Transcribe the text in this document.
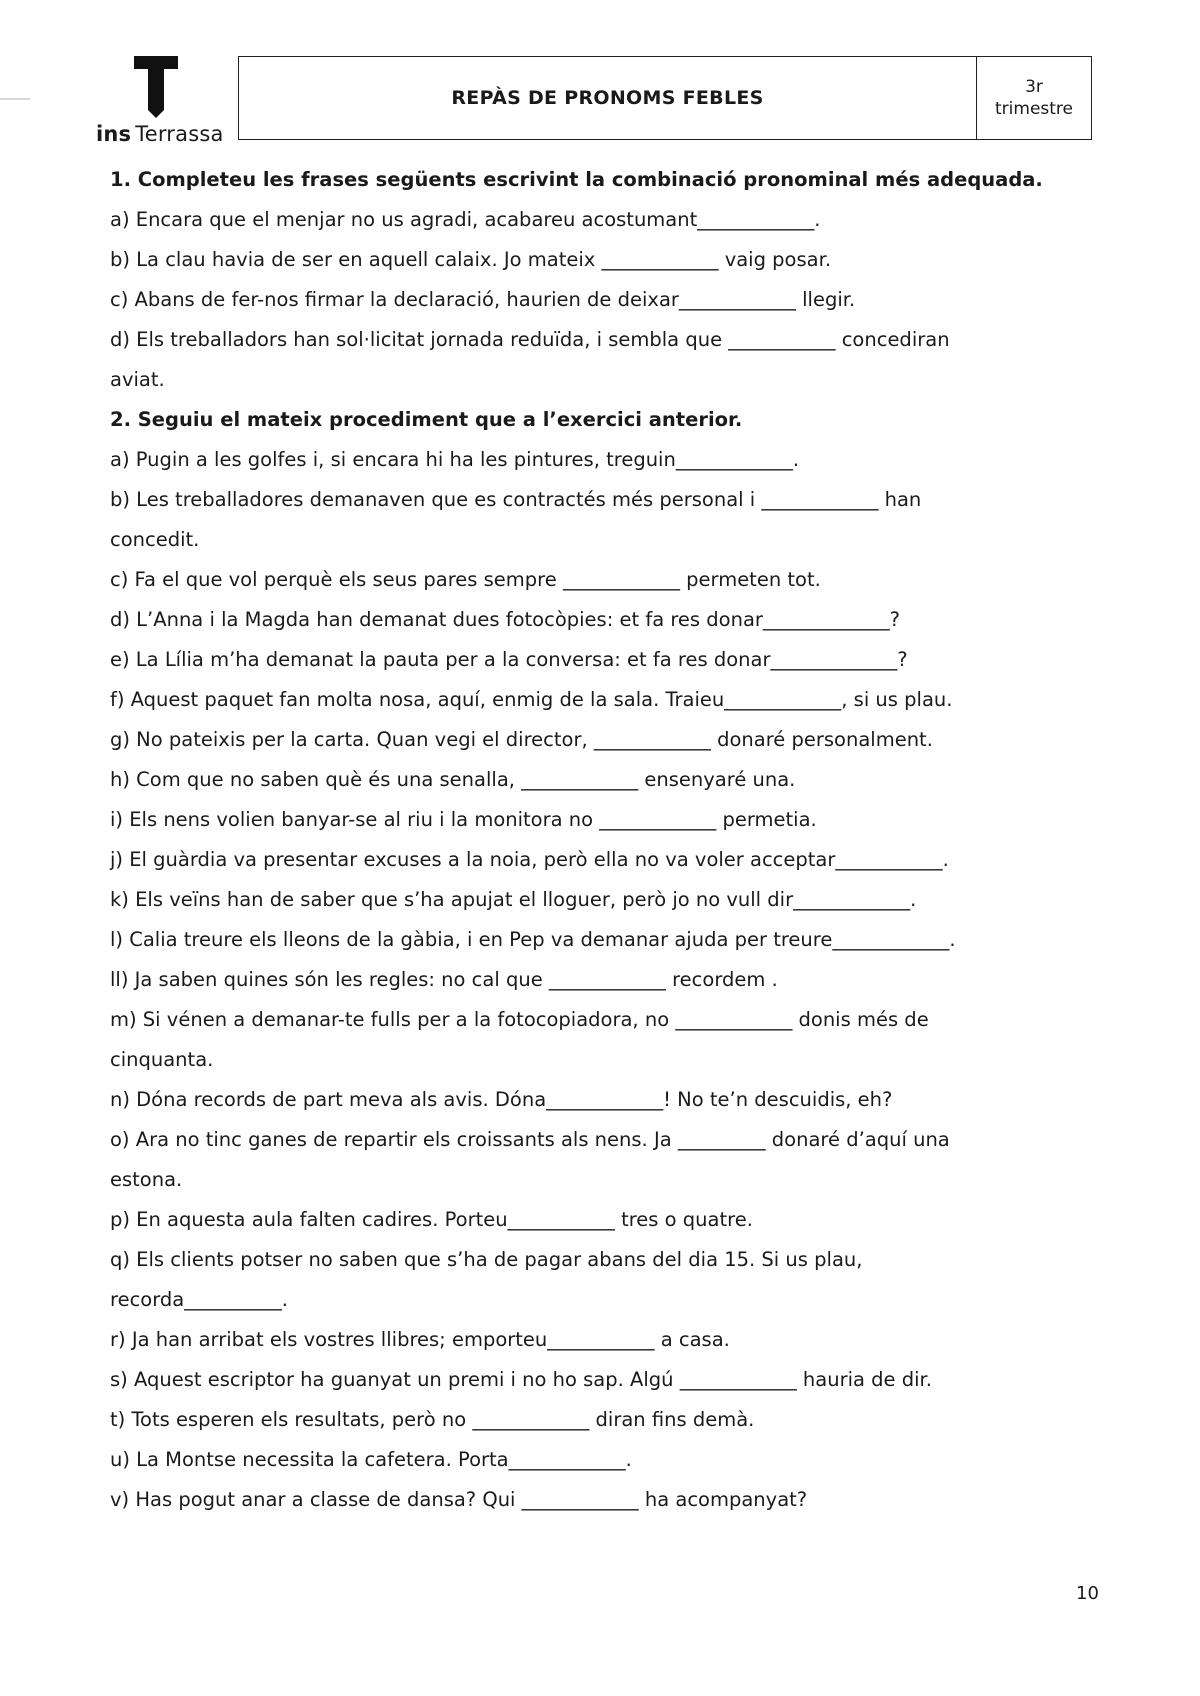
ins Terrassa
REPÀS DE PRONOMS FEBLES	3r
trimestre
1. Completeu les frases següents escrivint la combinació pronominal més adequada.
a) Encara que el menjar no us agradi, acabareu acostumant____________.
b) La clau havia de ser en aquell calaix. Jo mateix ____________ vaig posar.
c) Abans de fer-nos firmar la declaració, haurien de deixar____________ llegir.
d) Els treballadors han sol·licitat jornada reduïda, i sembla que ___________ concediran
aviat.
2. Seguiu el mateix procediment que a l’exercici anterior.
a) Pugin a les golfes i, si encara hi ha les pintures, treguin____________.
b) Les treballadores demanaven que es contractés més personal i ____________ han
concedit.
c) Fa el que vol perquè els seus pares sempre ____________ permeten tot.
d) L’Anna i la Magda han demanat dues fotocòpies: et fa res donar_____________?
e) La Lília m’ha demanat la pauta per a la conversa: et fa res donar_____________?
f) Aquest paquet fan molta nosa, aquí, enmig de la sala. Traieu____________, si us plau.
g) No pateixis per la carta. Quan vegi el director, ____________ donaré personalment.
h) Com que no saben què és una senalla, ____________ ensenyaré una.
i) Els nens volien banyar-se al riu i la monitora no ____________ permetia.
j) El guàrdia va presentar excuses a la noia, però ella no va voler acceptar___________.
k) Els veïns han de saber que s’ha apujat el lloguer, però jo no vull dir____________.
l) Calia treure els lleons de la gàbia, i en Pep va demanar ajuda per treure____________.
ll) Ja saben quines són les regles: no cal que ____________ recordem .
m) Si vénen a demanar-te fulls per a la fotocopiadora, no ____________ donis més de
cinquanta.
n) Dóna records de part meva als avis. Dóna____________! No te’n descuidis, eh?
o) Ara no tinc ganes de repartir els croissants als nens. Ja _________ donaré d’aquí una
estona.
p) En aquesta aula falten cadires. Porteu___________ tres o quatre.
q) Els clients potser no saben que s’ha de pagar abans del dia 15. Si us plau,
recorda__________.
r) Ja han arribat els vostres llibres; emporteu___________ a casa.
s) Aquest escriptor ha guanyat un premi i no ho sap. Algú ____________ hauria de dir.
t) Tots esperen els resultats, però no ____________ diran fins demà.
u) La Montse necessita la cafetera. Porta____________.
v) Has pogut anar a classe de dansa? Qui ____________ ha acompanyat?
10
